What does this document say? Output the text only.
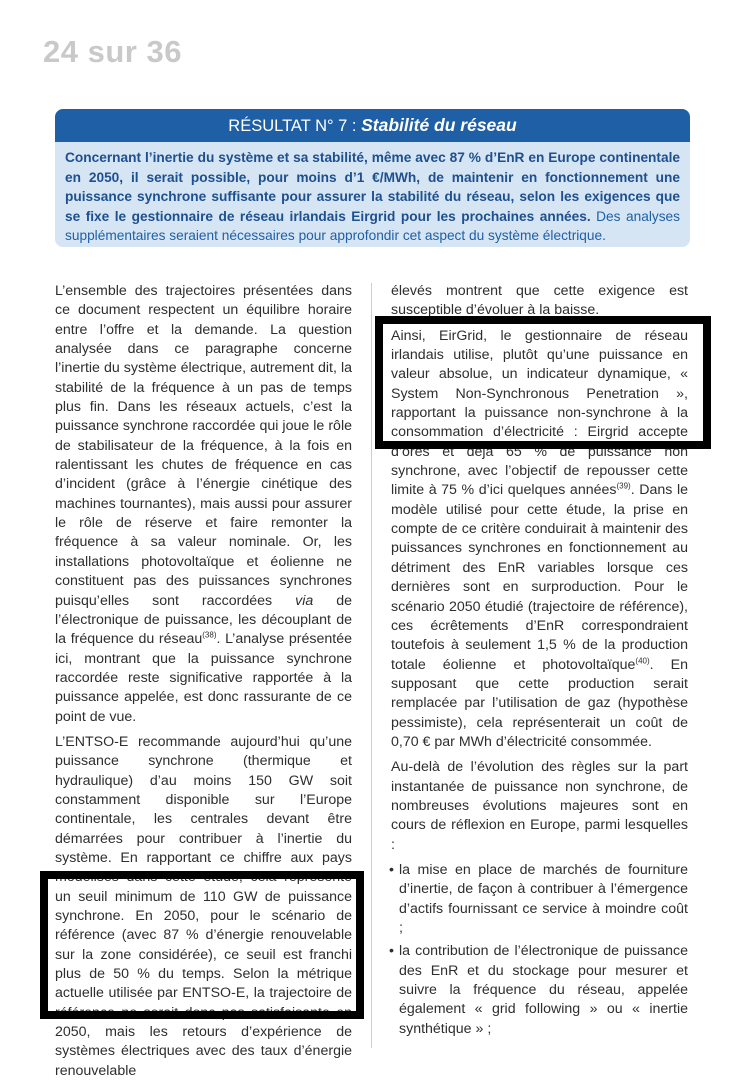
24 sur 36
RÉSULTAT N° 7 : Stabilité du réseau
Concernant l’inertie du système et sa stabilité, même avec 87 % d’EnR en Europe continentale en 2050, il serait possible, pour moins d’1 €/MWh, de maintenir en fonctionnement une puissance synchrone suffisante pour assurer la stabilité du réseau, selon les exigences que se fixe le gestionnaire de réseau irlandais Eirgrid pour les prochaines années. Des analyses supplémentaires seraient nécessaires pour approfondir cet aspect du système électrique.

L’ensemble des trajectoires présentées dans ce document respectent un équilibre horaire entre l’offre et la demande. La question analysée dans ce paragraphe concerne l’inertie du système électrique, autrement dit, la stabilité de la fréquence à un pas de temps plus fin. Dans les réseaux actuels, c’est la puissance synchrone raccordée qui joue le rôle de stabilisateur de la fréquence, à la fois en ralentissant les chutes de fréquence en cas d’incident (grâce à l’énergie cinétique des machines tournantes), mais aussi pour assurer le rôle de réserve et faire remonter la fréquence à sa valeur nominale. Or, les installations photovoltaïque et éolienne ne constituent pas des puissances synchrones puisqu’elles sont raccordées via de l’électronique de puissance, les découplant de la fréquence du réseau$^{(38)}$. L’analyse présentée ici, montrant que la puissance synchrone raccordée reste significative rapportée à la puissance appelée, est donc rassurante de ce point de vue.

L’ENTSO-E recommande aujourd’hui qu’une puissance synchrone (thermique et hydraulique) d’au moins 150 GW soit constamment disponible sur l’Europe continentale, les centrales devant être démarrées pour contribuer à l’inertie du système. En rapportant ce chiffre aux pays modélisés dans cette étude, cela représente un seuil minimum de 110 GW de puissance synchrone. En 2050, pour le scénario de référence (avec 87 % d’énergie renouvelable sur la zone considérée), ce seuil est franchi plus de 50 % du temps. Selon la métrique actuelle utilisée par ENTSO-E, la trajectoire de référence ne serait donc pas satisfaisante en 2050, mais les retours d’expérience de systèmes électriques avec des taux d’énergie renouvelable

élevés montrent que cette exigence est susceptible d’évoluer à la baisse.

Ainsi, EirGrid, le gestionnaire de réseau irlandais utilise, plutôt qu’une puissance en valeur absolue, un indicateur dynamique, « System Non-Synchronous Penetration », rapportant la puissance non-synchrone à la consommation d’électricité : Eirgrid accepte d’ores et déjà 65 % de puissance non synchrone, avec l’objectif de repousser cette limite à 75 % d’ici quelques années$^{(39)}$. Dans le modèle utilisé pour cette étude, la prise en compte de ce critère conduirait à maintenir des puissances synchrones en fonctionnement au détriment des EnR variables lorsque ces dernières sont en surproduction. Pour le scénario 2050 étudié (trajectoire de référence), ces écrêtements d’EnR correspondraient toutefois à seulement 1,5 % de la production totale éolienne et photovoltaïque$^{(40)}$. En supposant que cette production serait remplacée par l’utilisation de gaz (hypothèse pessimiste), cela représenterait un coût de 0,70 € par MWh d’électricité consommée.

Au-delà de l’évolution des règles sur la part instantanée de puissance non synchrone, de nombreuses évolutions majeures sont en cours de réflexion en Europe, parmi lesquelles :

• la mise en place de marchés de fourniture d’inertie, de façon à contribuer à l’émergence d’actifs fournissant ce service à moindre coût ;
• la contribution de l’électronique de puissance des EnR et du stockage pour mesurer et suivre la fréquence du réseau, appelée également « grid following » ou « inertie synthétique » ;
